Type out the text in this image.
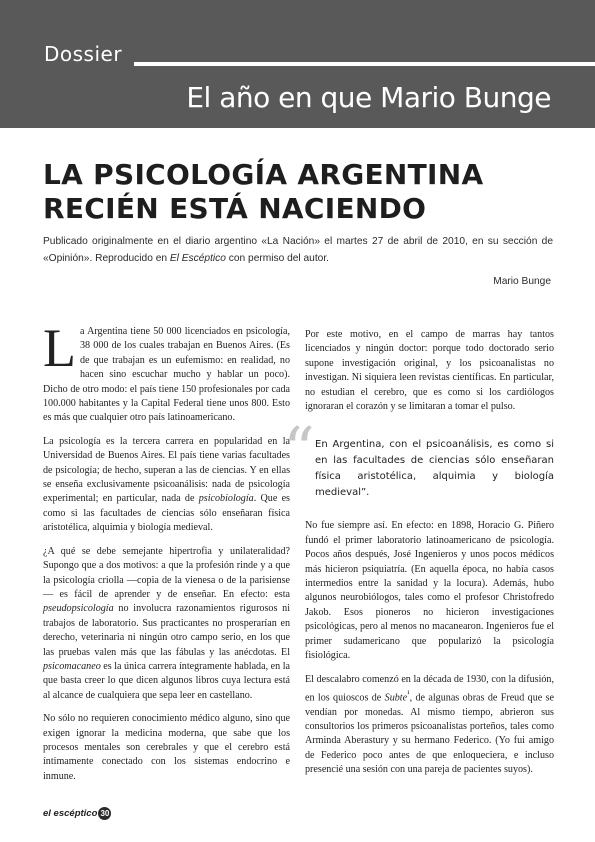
Dossier
El año en que Mario Bunge
LA PSICOLOGÍA ARGENTINA
RECIÉN ESTÁ NACIENDO

Publicado originalmente en el diario argentino «La Nación» el martes 27 de abril de 2010, en su sección de «Opinión». Reproducido en El Escéptico con permiso del autor.

Mario Bunge

La Argentina tiene 50 000 licenciados en psicología, 38 000 de los cuales trabajan en Buenos Aires. (Es de que trabajan es un eufemismo: en realidad, no hacen sino escuchar mucho y hablar un poco). Dicho de otro modo: el país tiene 150 profesionales por cada 100.000 habitantes y la Capital Federal tiene unos 800. Esto es más que cualquier otro país latinoamericano.

La psicología es la tercera carrera en popularidad en la Universidad de Buenos Aires. El país tiene varias facultades de psicología; de hecho, superan a las de ciencias. Y en ellas se enseña exclusivamente psicoanálisis: nada de psicología experimental; en particular, nada de psicobiología. Que es como si las facultades de ciencias sólo enseñaran física aristotélica, alquimia y biología medieval.

¿A qué se debe semejante hipertrofia y unilateralidad? Supongo que a dos motivos: a que la profesión rinde y a que la psicología criolla —copia de la vienesa o de la parisiense— es fácil de aprender y de enseñar. En efecto: esta pseudopsicología no involucra razonamientos rigurosos ni trabajos de laboratorio. Sus practicantes no prosperarían en derecho, veterinaria ni ningún otro campo serio, en los que las pruebas valen más que las fábulas y las anécdotas. El psicomacaneo es la única carrera íntegramente hablada, en la que basta creer lo que dicen algunos libros cuya lectura está al alcance de cualquiera que sepa leer en castellano.

No sólo no requieren conocimiento médico alguno, sino que exigen ignorar la medicina moderna, que sabe que los procesos mentales son cerebrales y que el cerebro está íntimamente conectado con los sistemas endocrino e inmune.

Por este motivo, en el campo de marras hay tantos licenciados y ningún doctor: porque todo doctorado serio supone investigación original, y los psicoanalistas no investigan. Ni siquiera leen revistas científicas. En particular, no estudian el cerebro, que es como si los cardiólogos ignoraran el corazón y se limitaran a tomar el pulso.

“ En Argentina, con el psicoanálisis, es como si en las facultades de ciencias sólo enseñaran física aristotélica, alquimia y biología medieval”.

No fue siempre así. En efecto: en 1898, Horacio G. Piñero fundó el primer laboratorio latinoamericano de psicología. Pocos años después, José Ingenieros y unos pocos médicos más hicieron psiquiatría. (En aquella época, no había casos intermedios entre la sanidad y la locura). Además, hubo algunos neurobiólogos, tales como el profesor Christofredo Jakob. Esos pioneros no hicieron investigaciones psicológicas, pero al menos no macanearon. Ingenieros fue el primer sudamericano que popularizó la psicología fisiológica.

El descalabro comenzó en la década de 1930, con la difusión, en los quioscos de Subte$^{^1}$, de algunas obras de Freud que se vendían por monedas. Al mismo tiempo, abrieron sus consultorios los primeros psicoanalistas porteños, tales como Arminda Aberastury y su hermano Federico. (Yo fui amigo de Federico poco antes de que enloqueciera, e incluso presencié una sesión con una pareja de pacientes suyos).

el escéptico 30
